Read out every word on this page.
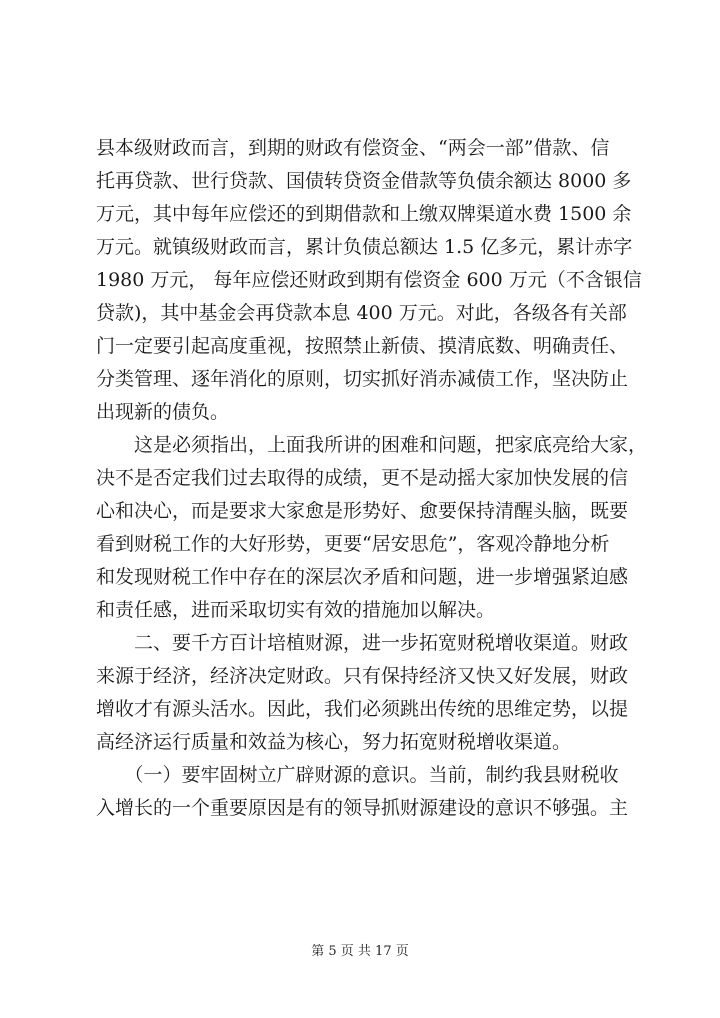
县本级财政而言，到期的财政有偿资金、“两会一部”借款、信
托再贷款、世行贷款、国债转贷资金借款等负债余额达 8000 多
万元，其中每年应偿还的到期借款和上缴双牌渠道水费 1500 余
万元。就镇级财政而言，累计负债总额达 1.5 亿多元，累计赤字
1980 万元， 每年应偿还财政到期有偿资金 600 万元（不含银信
贷款)，其中基金会再贷款本息 400 万元。对此，各级各有关部
门一定要引起高度重视，按照禁止新债、摸清底数、明确责任、
分类管理、逐年消化的原则，切实抓好消赤减债工作，坚决防止
出现新的债负。
　　这是必须指出，上面我所讲的困难和问题，把家底亮给大家，
决不是否定我们过去取得的成绩，更不是动摇大家加快发展的信
心和决心，而是要求大家愈是形势好、愈要保持清醒头脑，既要
看到财税工作的大好形势，更要“居安思危”，客观冷静地分析
和发现财税工作中存在的深层次矛盾和问题，进一步增强紧迫感
和责任感，进而采取切实有效的措施加以解决。
　　二、要千方百计培植财源，进一步拓宽财税增收渠道。财政
来源于经济，经济决定财政。只有保持经济又快又好发展，财政
增收才有源头活水。因此，我们必须跳出传统的思维定势，以提
高经济运行质量和效益为核心，努力拓宽财税增收渠道。
　　（一）要牢固树立广辟财源的意识。当前，制约我县财税收
入增长的一个重要原因是有的领导抓财源建设的意识不够强。主
第 5 页 共 17 页
